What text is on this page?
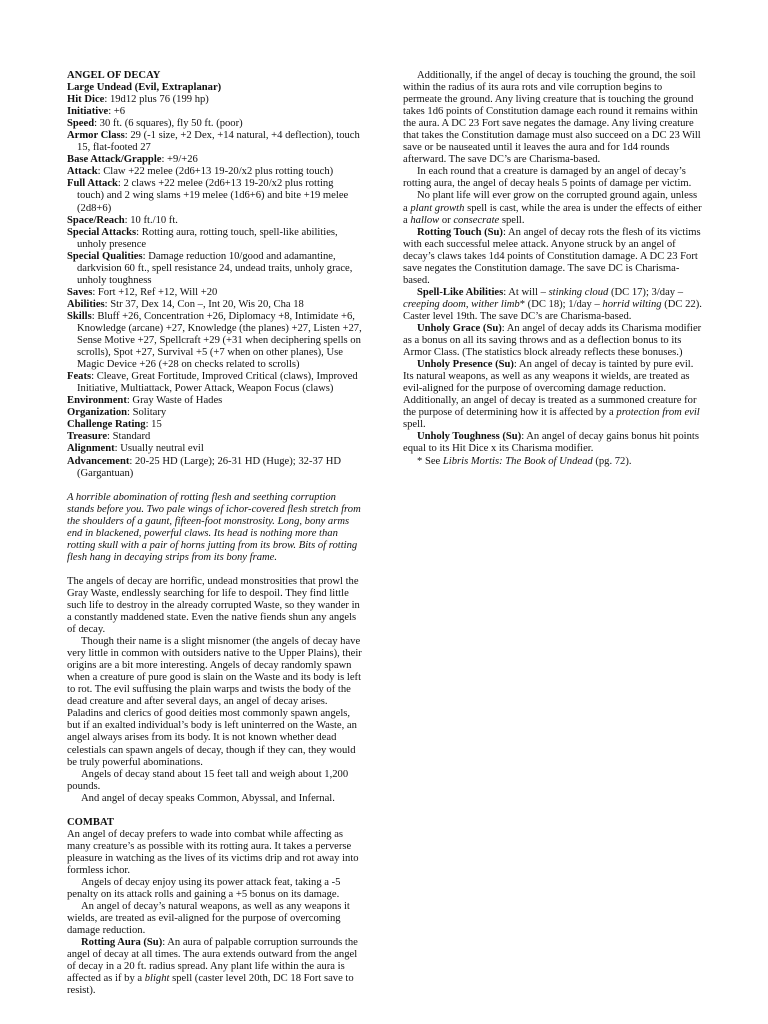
ANGEL OF DECAY

Large Undead (Evil, Extraplanar)

Hit Dice: 19d12 plus 76 (199 hp)

Initiative: +6

Speed: 30 ft. (6 squares), fly 50 ft. (poor)

Armor Class: 29 (-1 size, +2 Dex, +14 natural, +4 deflection), touch 15, flat-footed 27

Base Attack/Grapple: +9/+26

Attack: Claw +22 melee (2d6+13 19-20/x2 plus rotting touch)

Full Attack: 2 claws +22 melee (2d6+13 19-20/x2 plus rotting touch) and 2 wing slams +19 melee (1d6+6) and bite +19 melee (2d8+6)

Space/Reach: 10 ft./10 ft.

Special Attacks: Rotting aura, rotting touch, spell-like abilities, unholy presence

Special Qualities: Damage reduction 10/good and adamantine, darkvision 60 ft., spell resistance 24, undead traits, unholy grace, unholy toughness

Saves: Fort +12, Ref +12, Will +20

Abilities: Str 37, Dex 14, Con –, Int 20, Wis 20, Cha 18

Skills: Bluff +26, Concentration +26, Diplomacy +8, Intimidate +6, Knowledge (arcane) +27, Knowledge (the planes) +27, Listen +27, Sense Motive +27, Spellcraft +29 (+31 when deciphering spells on scrolls), Spot +27, Survival +5 (+7 when on other planes), Use Magic Device +26 (+28 on checks related to scrolls)

Feats: Cleave, Great Fortitude, Improved Critical (claws), Improved Initiative, Multiattack, Power Attack, Weapon Focus (claws)

Environment: Gray Waste of Hades

Organization: Solitary

Challenge Rating: 15

Treasure: Standard

Alignment: Usually neutral evil

Advancement: 20-25 HD (Large); 26-31 HD (Huge); 32-37 HD (Gargantuan)

A horrible abomination of rotting flesh and seething corruption stands before you. Two pale wings of ichor-covered flesh stretch from the shoulders of a gaunt, fifteen-foot monstrosity. Long, bony arms end in blackened, powerful claws. Its head is nothing more than rotting skull with a pair of horns jutting from its brow. Bits of rotting flesh hang in decaying strips from its bony frame.

The angels of decay are horrific, undead monstrosities that prowl the Gray Waste, endlessly searching for life to despoil. They find little such life to destroy in the already corrupted Waste, so they wander in a constantly maddened state. Even the native fiends shun any angels of decay.

Though their name is a slight misnomer (the angels of decay have very little in common with outsiders native to the Upper Plains), their origins are a bit more interesting. Angels of decay randomly spawn when a creature of pure good is slain on the Waste and its body is left to rot. The evil suffusing the plain warps and twists the body of the dead creature and after several days, an angel of decay arises. Paladins and clerics of good deities most commonly spawn angels, but if an exalted individual’s body is left uninterred on the Waste, an angel always arises from its body. It is not known whether dead celestials can spawn angels of decay, though if they can, they would be truly powerful abominations.

Angels of decay stand about 15 feet tall and weigh about 1,200 pounds.

And angel of decay speaks Common, Abyssal, and Infernal.

COMBAT

An angel of decay prefers to wade into combat while affecting as many creature’s as possible with its rotting aura. It takes a perverse pleasure in watching as the lives of its victims drip and rot away into formless ichor.

Angels of decay enjoy using its power attack feat, taking a -5 penalty on its attack rolls and gaining a +5 bonus on its damage.

An angel of decay’s natural weapons, as well as any weapons it wields, are treated as evil-aligned for the purpose of overcoming damage reduction.

Rotting Aura (Su): An aura of palpable corruption surrounds the angel of decay at all times. The aura extends outward from the angel of decay in a 20 ft. radius spread. Any plant life within the aura is affected as if by a blight spell (caster level 20th, DC 18 Fort save to resist).

Additionally, if the angel of decay is touching the ground, the soil within the radius of its aura rots and vile corruption begins to permeate the ground. Any living creature that is touching the ground takes 1d6 points of Constitution damage each round it remains within the aura. A DC 23 Fort save negates the damage. Any living creature that takes the Constitution damage must also succeed on a DC 23 Will save or be nauseated until it leaves the aura and for 1d4 rounds afterward. The save DC’s are Charisma-based.

In each round that a creature is damaged by an angel of decay’s rotting aura, the angel of decay heals 5 points of damage per victim.

No plant life will ever grow on the corrupted ground again, unless a plant growth spell is cast, while the area is under the effects of either a hallow or consecrate spell.

Rotting Touch (Su): An angel of decay rots the flesh of its victims with each successful melee attack. Anyone struck by an angel of decay’s claws takes 1d4 points of Constitution damage. A DC 23 Fort save negates the Constitution damage. The save DC is Charisma-based.

Spell-Like Abilities: At will – stinking cloud (DC 17); 3/day – creeping doom, wither limb* (DC 18); 1/day – horrid wilting (DC 22). Caster level 19th. The save DC’s are Charisma-based.

Unholy Grace (Su): An angel of decay adds its Charisma modifier as a bonus on all its saving throws and as a deflection bonus to its Armor Class. (The statistics block already reflects these bonuses.)

Unholy Presence (Su): An angel of decay is tainted by pure evil. Its natural weapons, as well as any weapons it wields, are treated as evil-aligned for the purpose of overcoming damage reduction. Additionally, an angel of decay is treated as a summoned creature for the purpose of determining how it is affected by a protection from evil spell.

Unholy Toughness (Su): An angel of decay gains bonus hit points equal to its Hit Dice x its Charisma modifier.

* See Libris Mortis: The Book of Undead (pg. 72).
